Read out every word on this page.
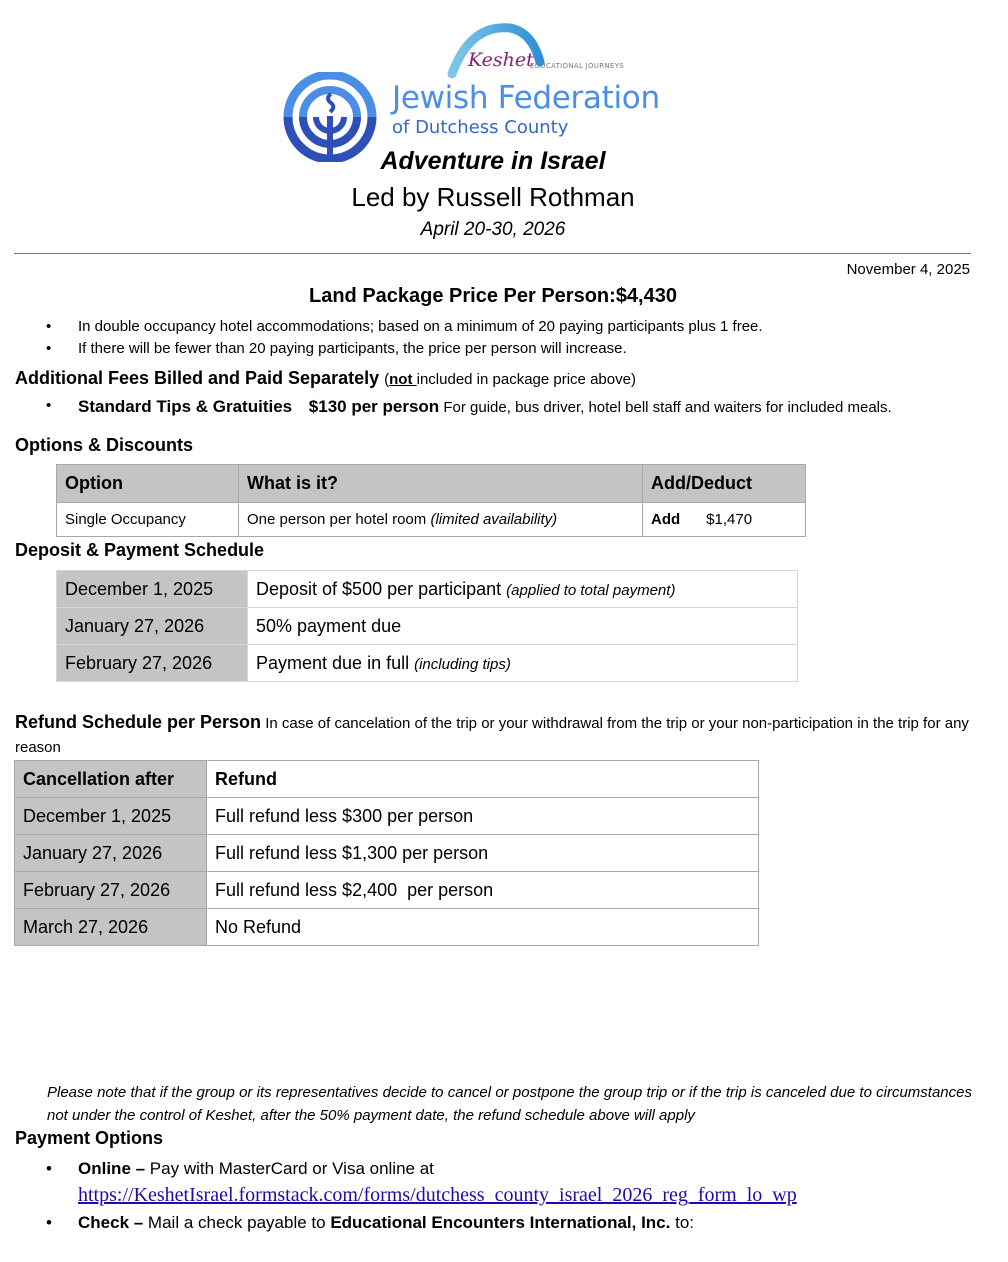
Keshet
EDUCATIONAL JOURNEYS
Jewish Federation
of Dutchess County
Adventure in Israel
Led by Russell Rothman
April 20-30, 2026
November 4, 2025
Land Package Price Per Person:$4,430
• In double occupancy hotel accommodations; based on a minimum of 20 paying participants plus 1 free.
• If there will be fewer than 20 paying participants, the price per person will increase.
Additional Fees Billed and Paid Separately (not included in package price above)
• Standard Tips & Gratuities $130 per person For guide, bus driver, hotel bell staff and waiters for included meals.
Options & Discounts
Option	What is it?	Add/Deduct
Single Occupancy	One person per hotel room (limited availability)	Add $1,470
Deposit & Payment Schedule
December 1, 2025	Deposit of $500 per participant (applied to total payment)
January 27, 2026	50% payment due
February 27, 2026	Payment due in full (including tips)
Refund Schedule per Person In case of cancelation of the trip or your withdrawal from the trip or your non-participation in the trip for any reason
Cancellation after	Refund
December 1, 2025	Full refund less $300 per person
January 27, 2026	Full refund less $1,300 per person
February 27, 2026	Full refund less $2,400  per person
March 27, 2026	No Refund
Please note that if the group or its representatives decide to cancel or postpone the group trip or if the trip is canceled due to circumstances not under the control of Keshet, after the 50% payment date, the refund schedule above will apply
Payment Options
• Online – Pay with MasterCard or Visa online at
https://KeshetIsrael.formstack.com/forms/dutchess_county_israel_2026_reg_form_lo_wp
• Check – Mail a check payable to Educational Encounters International, Inc. to:
